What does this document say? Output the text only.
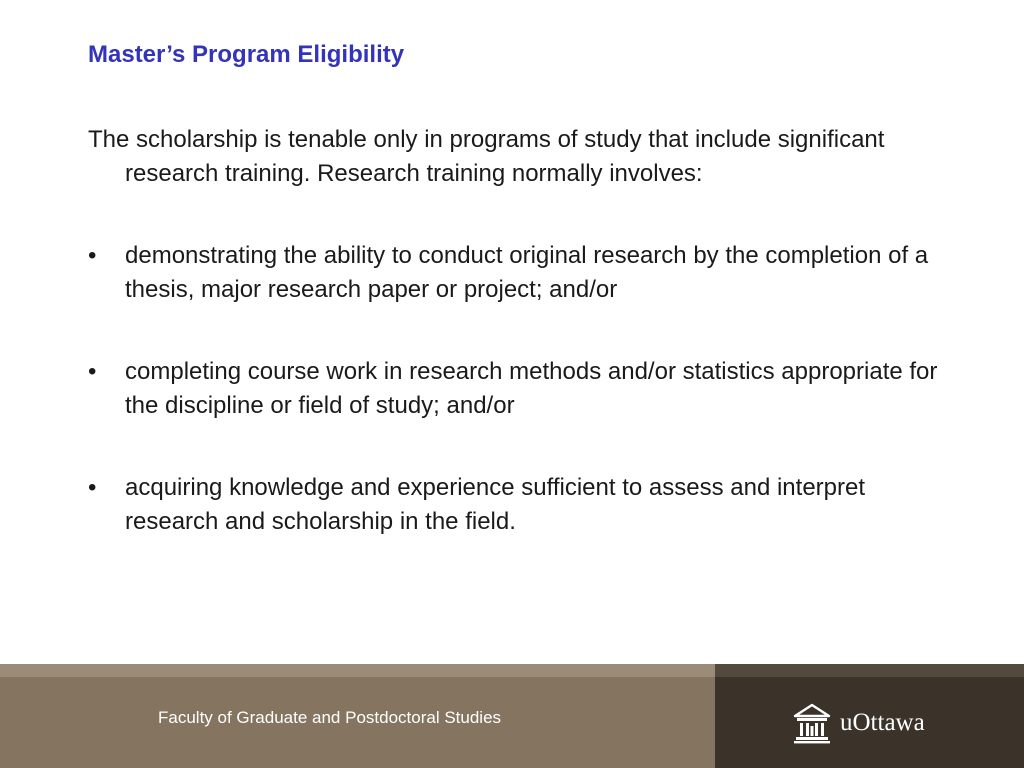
Master’s Program Eligibility

The scholarship is tenable only in programs of study that include significant research training. Research training normally involves:

• demonstrating the ability to conduct original research by the completion of a thesis, major research paper or project; and/or
• completing course work in research methods and/or statistics appropriate for the discipline or field of study; and/or
• acquiring knowledge and experience sufficient to assess and interpret research and scholarship in the field.
Faculty of Graduate and Postdoctoral Studies	uOttawa
